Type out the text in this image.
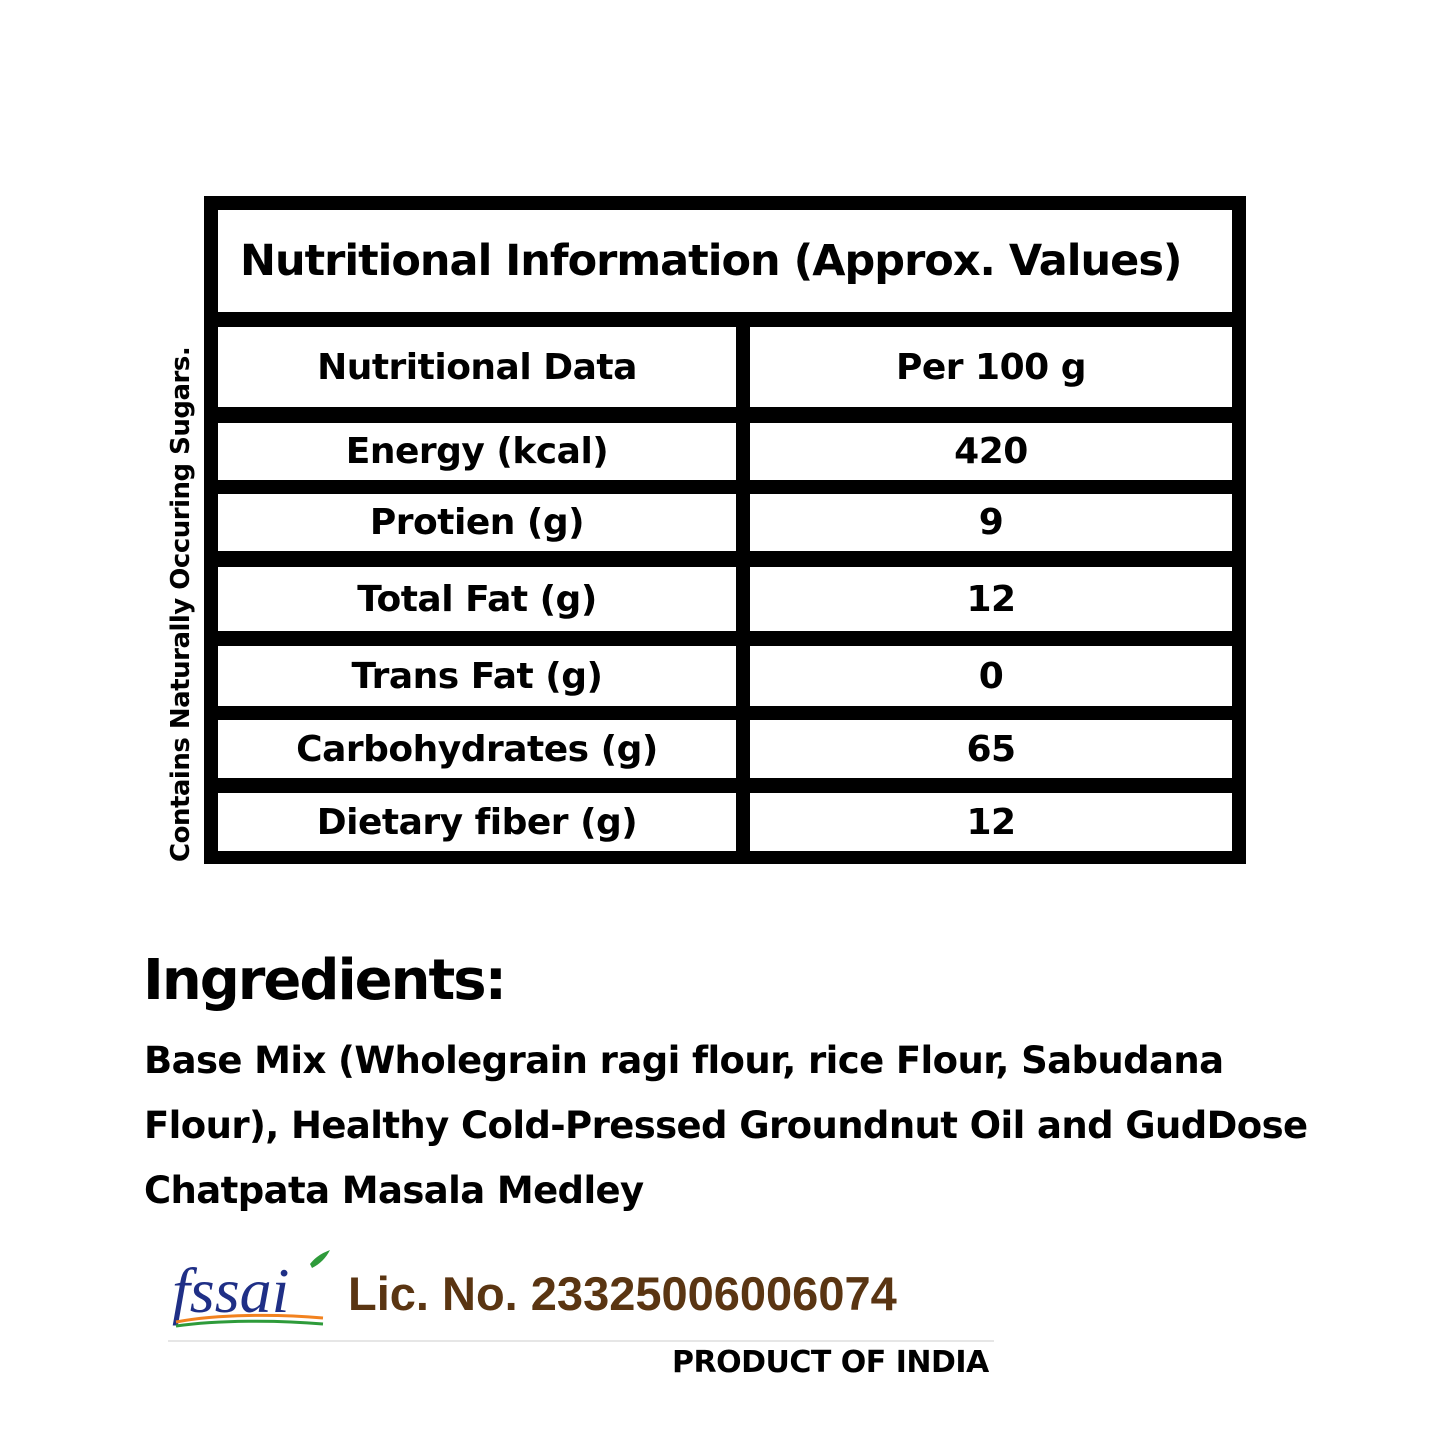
Contains Naturally Occuring Sugars.
Nutritional Information (Approx. Values)
Nutritional Data	Per 100 g
Energy (kcal)	420
Protien (g)	9
Total Fat (g)	12
Trans Fat (g)	0
Carbohydrates (g)	65
Dietary fiber (g)	12
Ingredients:
Base Mix (Wholegrain ragi flour, rice Flour, Sabudana
Flour), Healthy Cold-Pressed Groundnut Oil and GudDose
Chatpata Masala Medley
fssai Lic. No. 23325006006074
PRODUCT OF INDIA
